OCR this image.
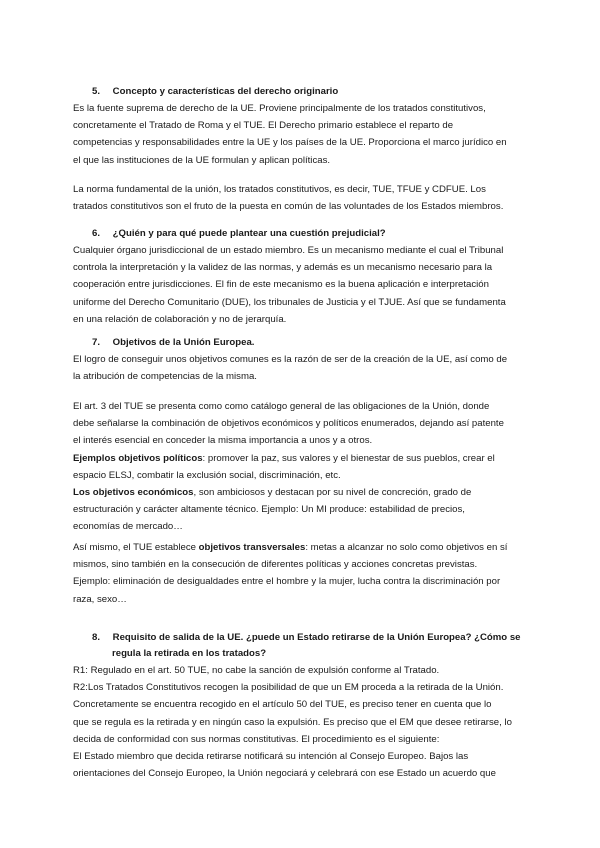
5. Concepto y características del derecho originario
Es la fuente suprema de derecho de la UE. Proviene principalmente de los tratados constitutivos,
concretamente el Tratado de Roma y el TUE. El Derecho primario establece el reparto de
competencias y responsabilidades entre la UE y los países de la UE. Proporciona el marco jurídico en
el que las instituciones de la UE formulan y aplican políticas.
La norma fundamental de la unión, los tratados constitutivos, es decir, TUE, TFUE y CDFUE. Los
tratados constitutivos son el fruto de la puesta en común de las voluntades de los Estados miembros.
6. ¿Quién y para qué puede plantear una cuestión prejudicial?
Cualquier órgano jurisdiccional de un estado miembro. Es un mecanismo mediante el cual el Tribunal
controla la interpretación y la validez de las normas, y además es un mecanismo necesario para la
cooperación entre jurisdicciones. El fin de este mecanismo es la buena aplicación e interpretación
uniforme del Derecho Comunitario (DUE), los tribunales de Justicia y el TJUE. Así que se fundamenta
en una relación de colaboración y no de jerarquía.
7. Objetivos de la Unión Europea.
El logro de conseguir unos objetivos comunes es la razón de ser de la creación de la UE, así como de
la atribución de competencias de la misma.
El art. 3 del TUE se presenta como como catálogo general de las obligaciones de la Unión, donde
debe señalarse la combinación de objetivos económicos y políticos enumerados, dejando así patente
el interés esencial en conceder la misma importancia a unos y a otros.
Ejemplos objetivos políticos: promover la paz, sus valores y el bienestar de sus pueblos, crear el
espacio ELSJ, combatir la exclusión social, discriminación, etc.
Los objetivos económicos, son ambiciosos y destacan por su nivel de concreción, grado de
estructuración y carácter altamente técnico. Ejemplo: Un MI produce: estabilidad de precios,
economías de mercado…
Así mismo, el TUE establece objetivos transversales: metas a alcanzar no solo como objetivos en sí
mismos, sino también en la consecución de diferentes políticas y acciones concretas previstas.
Ejemplo: eliminación de desigualdades entre el hombre y la mujer, lucha contra la discriminación por
raza, sexo…
8. Requisito de salida de la UE. ¿puede un Estado retirarse de la Unión Europea? ¿Cómo se
regula la retirada en los tratados?
R1: Regulado en el art. 50 TUE, no cabe la sanción de expulsión conforme al Tratado.
R2:Los Tratados Constitutivos recogen la posibilidad de que un EM proceda a la retirada de la Unión.
Concretamente se encuentra recogido en el artículo 50 del TUE, es preciso tener en cuenta que lo
que se regula es la retirada y en ningún caso la expulsión. Es preciso que el EM que desee retirarse, lo
decida de conformidad con sus normas constitutivas. El procedimiento es el siguiente:
El Estado miembro que decida retirarse notificará su intención al Consejo Europeo. Bajos las
orientaciones del Consejo Europeo, la Unión negociará y celebrará con ese Estado un acuerdo que
